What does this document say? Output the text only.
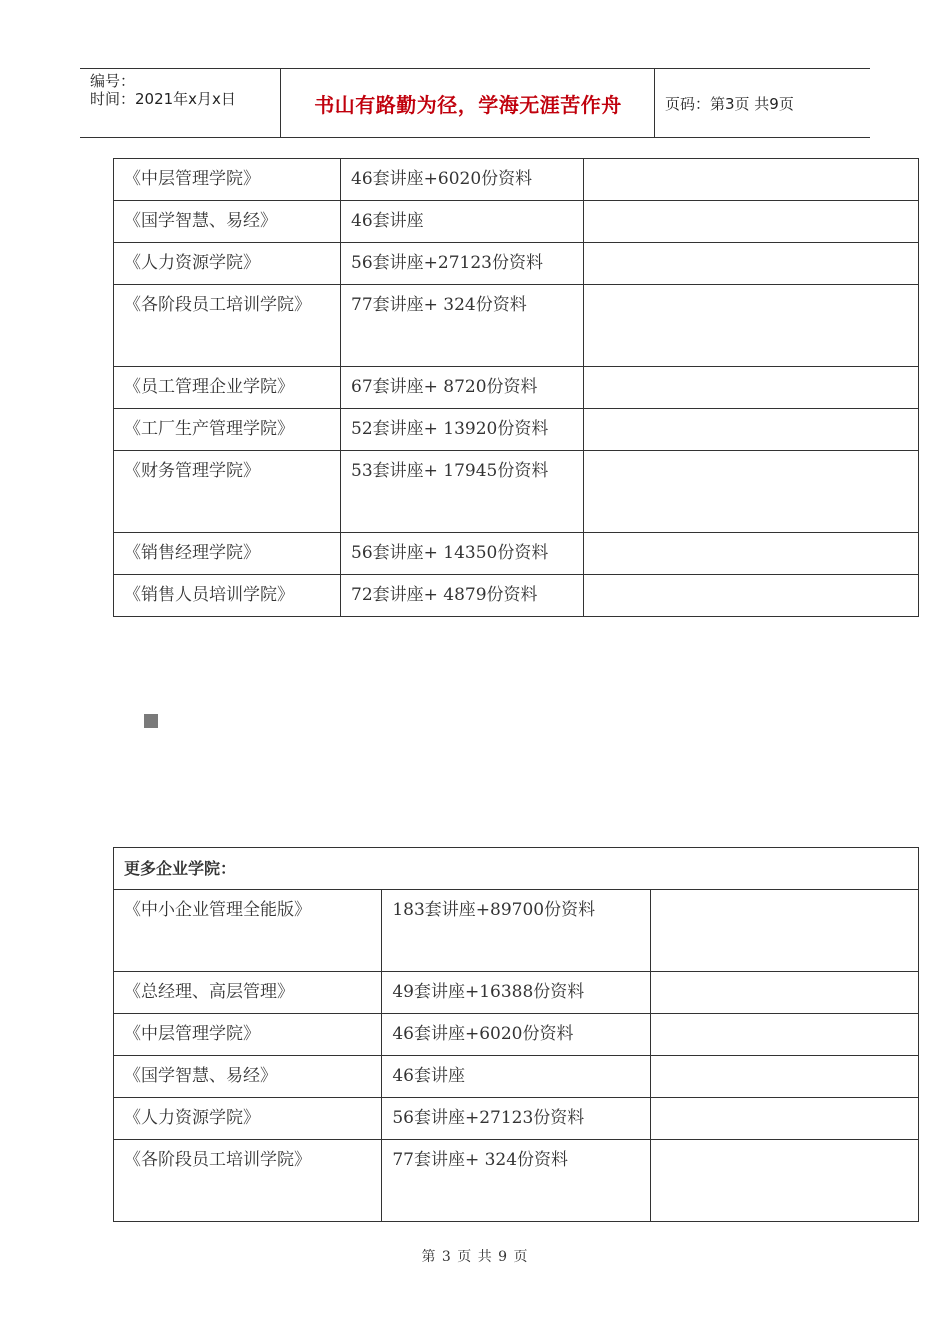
编号：
时间：2021年x月x日	书山有路勤为径，学海无涯苦作舟	页码：第3页 共9页
《中层管理学院》	46套讲座+6020份资料	
《国学智慧、易经》	46套讲座	
《人力资源学院》	56套讲座+27123份资料	
《各阶段员工培训学院》	77套讲座+ 324份资料	
《员工管理企业学院》	67套讲座+ 8720份资料	
《工厂生产管理学院》	52套讲座+ 13920份资料	
《财务管理学院》	53套讲座+ 17945份资料	
《销售经理学院》	56套讲座+ 14350份资料	
《销售人员培训学院》	72套讲座+ 4879份资料	
更多企业学院：		
《中小企业管理全能版》	183套讲座+89700份资料	
《总经理、高层管理》	49套讲座+16388份资料	
《中层管理学院》	46套讲座+6020份资料	
《国学智慧、易经》	46套讲座	
《人力资源学院》	56套讲座+27123份资料	
《各阶段员工培训学院》	77套讲座+ 324份资料	
第 3 页 共 9 页
